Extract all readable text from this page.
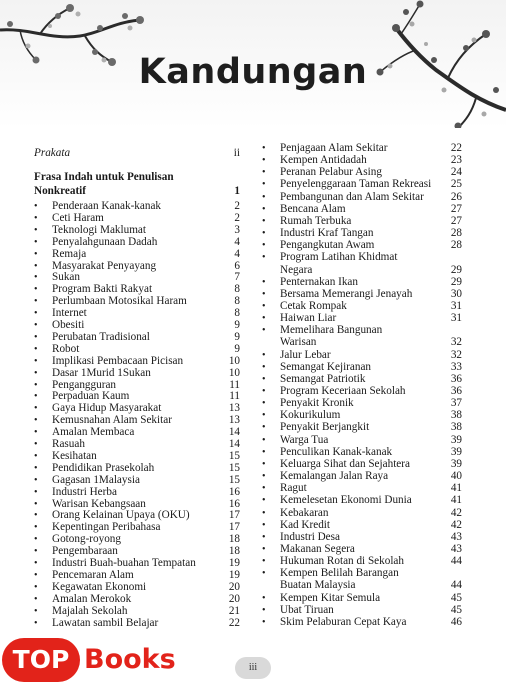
Kandungan
Prakata	ii
Frasa Indah untuk Penulisan
Nonkreatif	1
•
Penderaan Kanak-kanak	2
•
Ceti Haram	2
•
Teknologi Maklumat	3
•
Penyalahgunaan Dadah	4
•
Remaja	4
•
Masyarakat Penyayang	6
•
Sukan	7
•
Program Bakti Rakyat	8
•
Perlumbaan Motosikal Haram	8
•
Internet	8
•
Obesiti	9
•
Perubatan Tradisional	9
•
Robot	9
•
Implikasi Pembacaan Picisan	10
•
Dasar 1Murid 1Sukan	10
•
Pengangguran	11
•
Perpaduan Kaum	11
•
Gaya Hidup Masyarakat	13
•
Kemusnahan Alam Sekitar	13
•
Amalan Membaca	14
•
Rasuah	14
•
Kesihatan	15
•
Pendidikan Prasekolah	15
•
Gagasan 1Malaysia	15
•
Industri Herba	16
•
Warisan Kebangsaan	16
•
Orang Kelainan Upaya (OKU)	17
•
Kepentingan Peribahasa	17
•
Gotong-royong	18
•
Pengembaraan	18
•
Industri Buah-buahan Tempatan	19
•
Pencemaran Alam	19
•
Kegawatan Ekonomi	20
•
Amalan Merokok	20
•
Majalah Sekolah	21
•
Lawatan sambil Belajar	22
•
Penjagaan Alam Sekitar	22
•
Kempen Antidadah	23
•
Peranan Pelabur Asing	24
•
Penyelenggaraan Taman Rekreasi 25
•
Pembangunan dan Alam Sekitar 26
•
Bencana Alam	27
•
Rumah Terbuka	27
•
Industri Kraf Tangan	28
•
Pengangkutan Awam	28
•
Program Latihan Khidmat
Negara	29
•
Penternakan Ikan	29
•
Bersama Memerangi Jenayah	30
•
Cetak Rompak	31
•
Haiwan Liar	31
•
Memelihara Bangunan
Warisan	32
•
Jalur Lebar	32
•
Semangat Kejiranan	33
•
Semangat Patriotik	36
•
Program Keceriaan Sekolah	36
•
Penyakit Kronik	37
•
Kokurikulum	38
•
Penyakit Berjangkit	38
•
Warga Tua	39
•
Penculikan Kanak-kanak	39
•
Keluarga Sihat dan Sejahtera	39
•
Kemalangan Jalan Raya	40
•
Ragut	41
•
Kemelesetan Ekonomi Dunia	41
•
Kebakaran	42
•
Kad Kredit	42
•
Industri Desa	43
•
Makanan Segera	43
•
Hukuman Rotan di Sekolah	44
•
Kempen Belilah Barangan
Buatan Malaysia	44
•
Kempen Kitar Semula	45
•
Ubat Tiruan	45
•
Skim Pelaburan Cepat Kaya	46
iii
TOP Books
